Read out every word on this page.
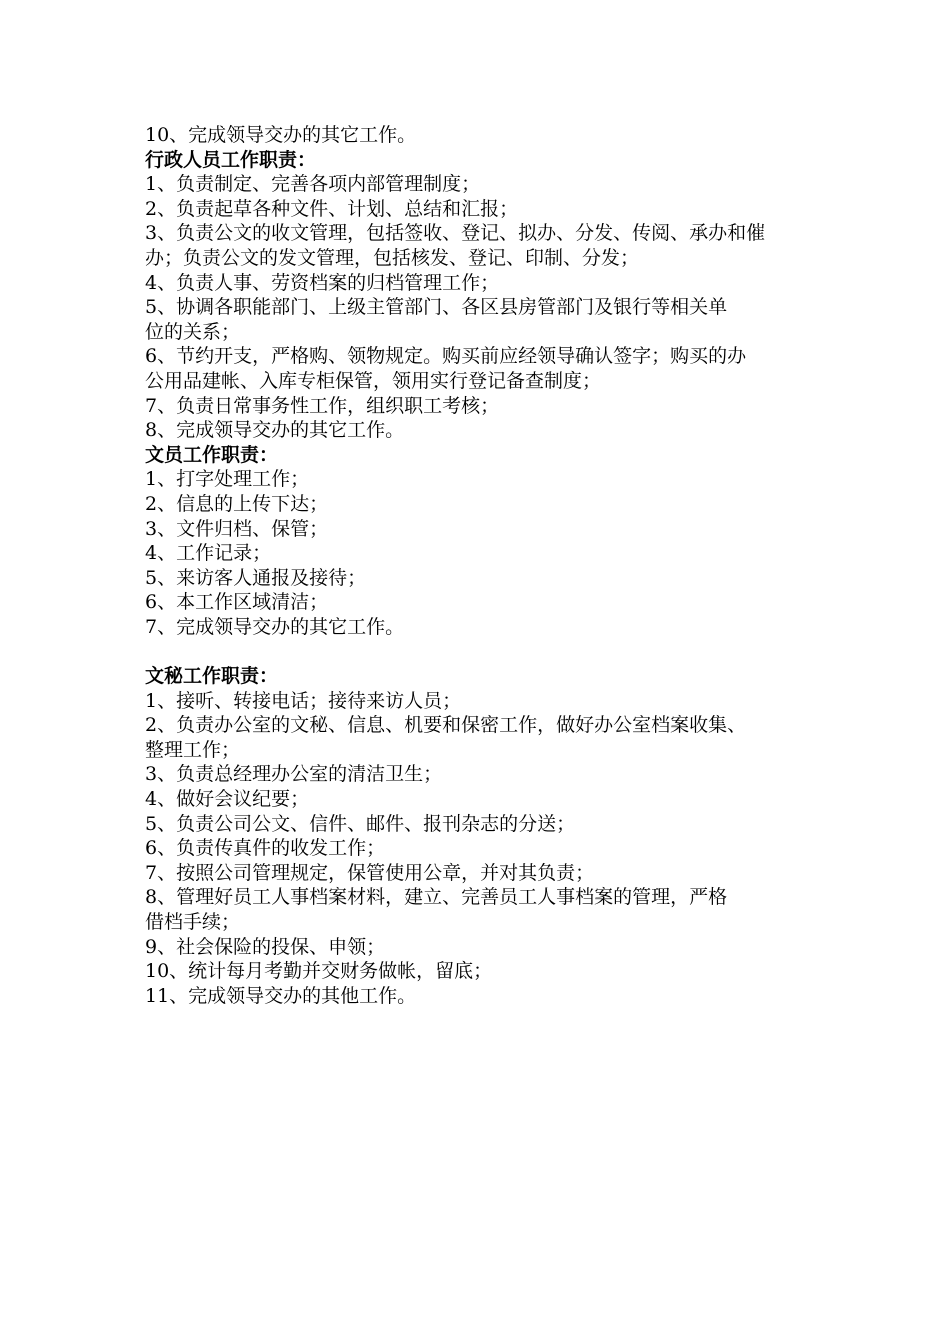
10、完成领导交办的其它工作。
行政人员工作职责：
1、负责制定、完善各项内部管理制度；
2、负责起草各种文件、计划、总结和汇报；
3、负责公文的收文管理，包括签收、登记、拟办、分发、传阅、承办和催
办；负责公文的发文管理，包括核发、登记、印制、分发；
4、负责人事、劳资档案的归档管理工作；
5、协调各职能部门、上级主管部门、各区县房管部门及银行等相关单
位的关系；
6、节约开支，严格购、领物规定。购买前应经领导确认签字；购买的办
公用品建帐、入库专柜保管，领用实行登记备查制度；
7、负责日常事务性工作，组织职工考核；
8、完成领导交办的其它工作。
文员工作职责：
1、打字处理工作；
2、信息的上传下达；
3、文件归档、保管；
4、工作记录；
5、来访客人通报及接待；
6、本工作区域清洁；
7、完成领导交办的其它工作。
文秘工作职责：
1、接听、转接电话；接待来访人员；
2、负责办公室的文秘、信息、机要和保密工作，做好办公室档案收集、
整理工作；
3、负责总经理办公室的清洁卫生；
4、做好会议纪要；
5、负责公司公文、信件、邮件、报刊杂志的分送；
6、负责传真件的收发工作；
7、按照公司管理规定，保管使用公章，并对其负责；
8、管理好员工人事档案材料，建立、完善员工人事档案的管理，严格
借档手续；
9、社会保险的投保、申领；
10、统计每月考勤并交财务做帐，留底；
11、完成领导交办的其他工作。
